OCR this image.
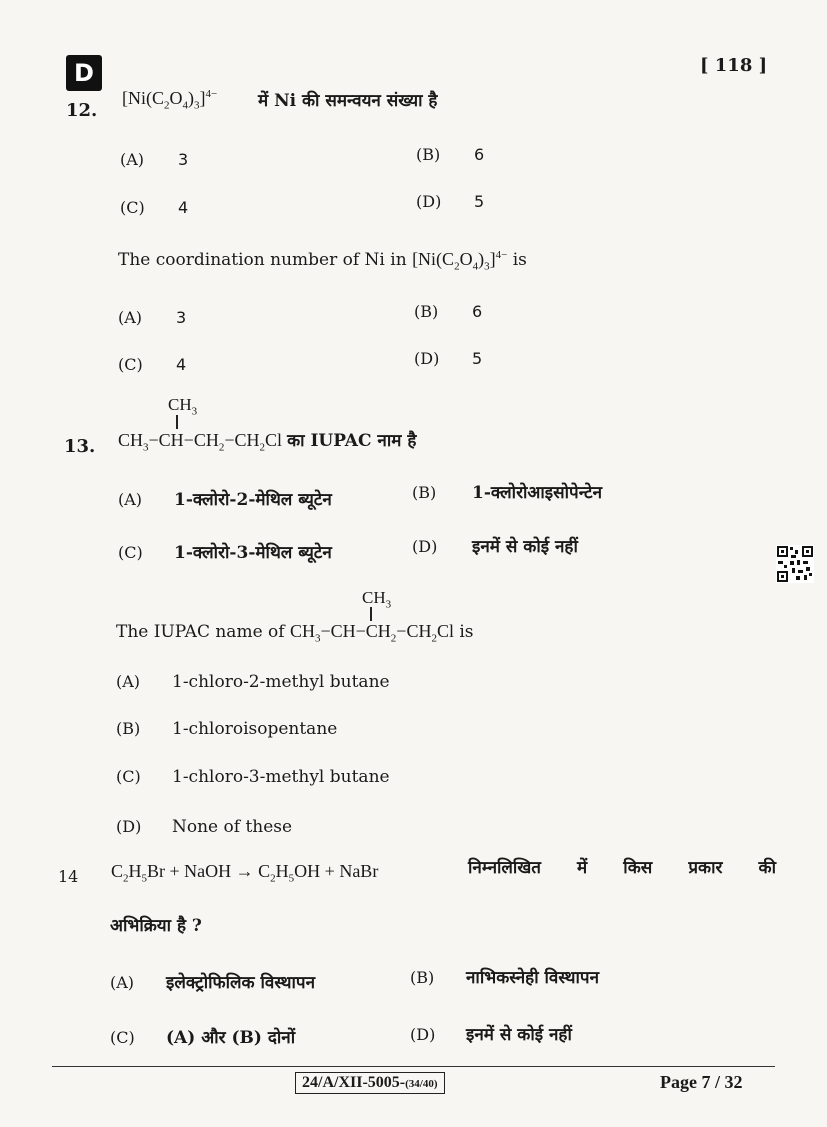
D	[ 118 ]
12.
$[Ni(C_2O_4)_3]^{4-}$ में Ni की समन्वयन संख्या है
(A) 3	(B) 6
(C) 4	(D) 5
The coordination number of Ni in $[Ni(C_2O_4)_3]^{4-}$ is
(A) 3	(B) 6
(C) 4	(D) 5
$CH_3$
13. $CH_3-CH-CH_2-CH_2Cl$ का IUPAC नाम है
(A) 1-क्लोरो-2-मेथिल ब्यूटेन	(B) 1-क्लोरोआइसोपेन्टेन
(C) 1-क्लोरो-3-मेथिल ब्यूटेन	(D) इनमें से कोई नहीं
$CH_3$
The IUPAC name of $CH_3-CH-CH_2-CH_2Cl$ is
(A) 1-chloro-2-methyl butane
(B) 1-chloroisopentane
(C) 1-chloro-3-methyl butane
(D) None of these
14 $C_2H_5Br$ + NaOH → $C_2H_5OH$ + NaBr	निम्नलिखित में किस प्रकार की
अभिक्रिया है ?
(A) इलेक्ट्रोफिलिक विस्थापन	(B) नाभिकस्नेही विस्थापन
(C) (A) और (B) दोनों	(D) इनमें से कोई नहीं
24/A/XII-5005-(34/40)	Page 7 / 32
